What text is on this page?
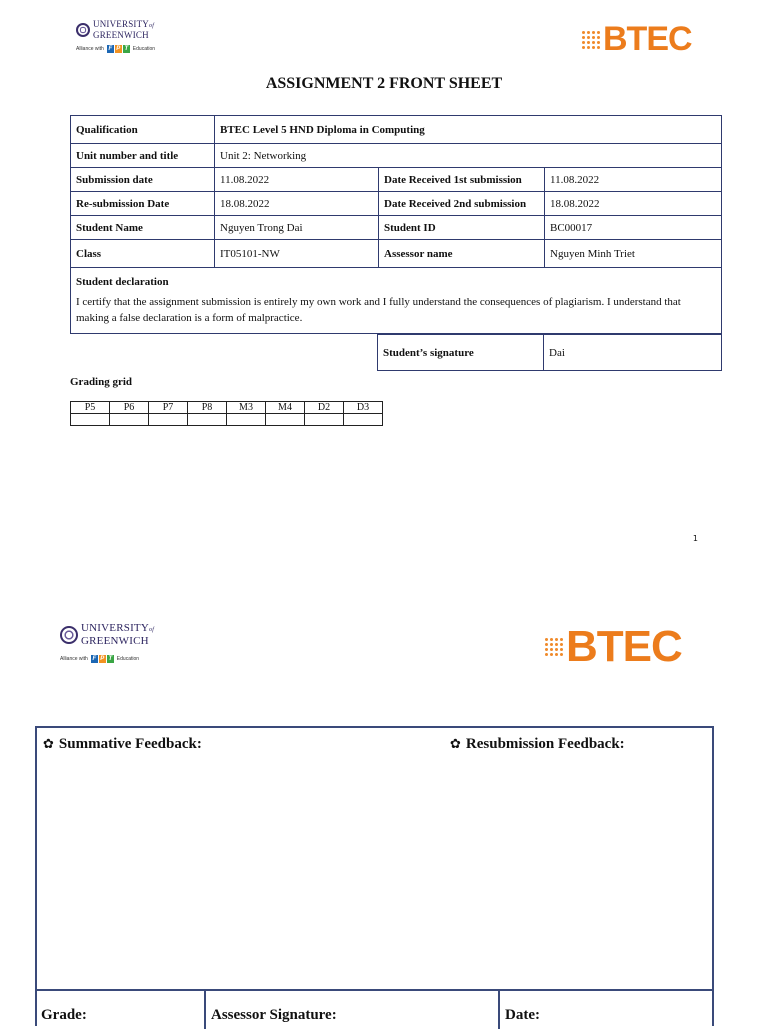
UNIVERSITYof
GREENWICH
Alliance with F P T Education	BTEC
ASSIGNMENT 2 FRONT SHEET
Qualification	BTEC Level 5 HND Diploma in Computing		
Unit number and title	Unit 2: Networking		
Submission date	11.08.2022	Date Received 1st submission	11.08.2022
Re-submission Date	18.08.2022	Date Received 2nd submission	18.08.2022
Student Name	Nguyen Trong Dai	Student ID	BC00017
Class	IT05101-NW	Assessor name	Nguyen Minh Triet

Student declaration
I certify that the assignment submission is entirely my own work and I fully understand the consequences of plagiarism. I understand that making a false declaration is a form of malpractice.			
Student’s signature	Dai
Grading grid
P5	P6	P7	P8	M3	M4	D2	D3

1
UNIVERSITYof
GREENWICH
Alliance with F P T Education	BTEC
✿ Summative Feedback:	✿ Resubmission Feedback:
Grade:	Assessor Signature:	Date:
